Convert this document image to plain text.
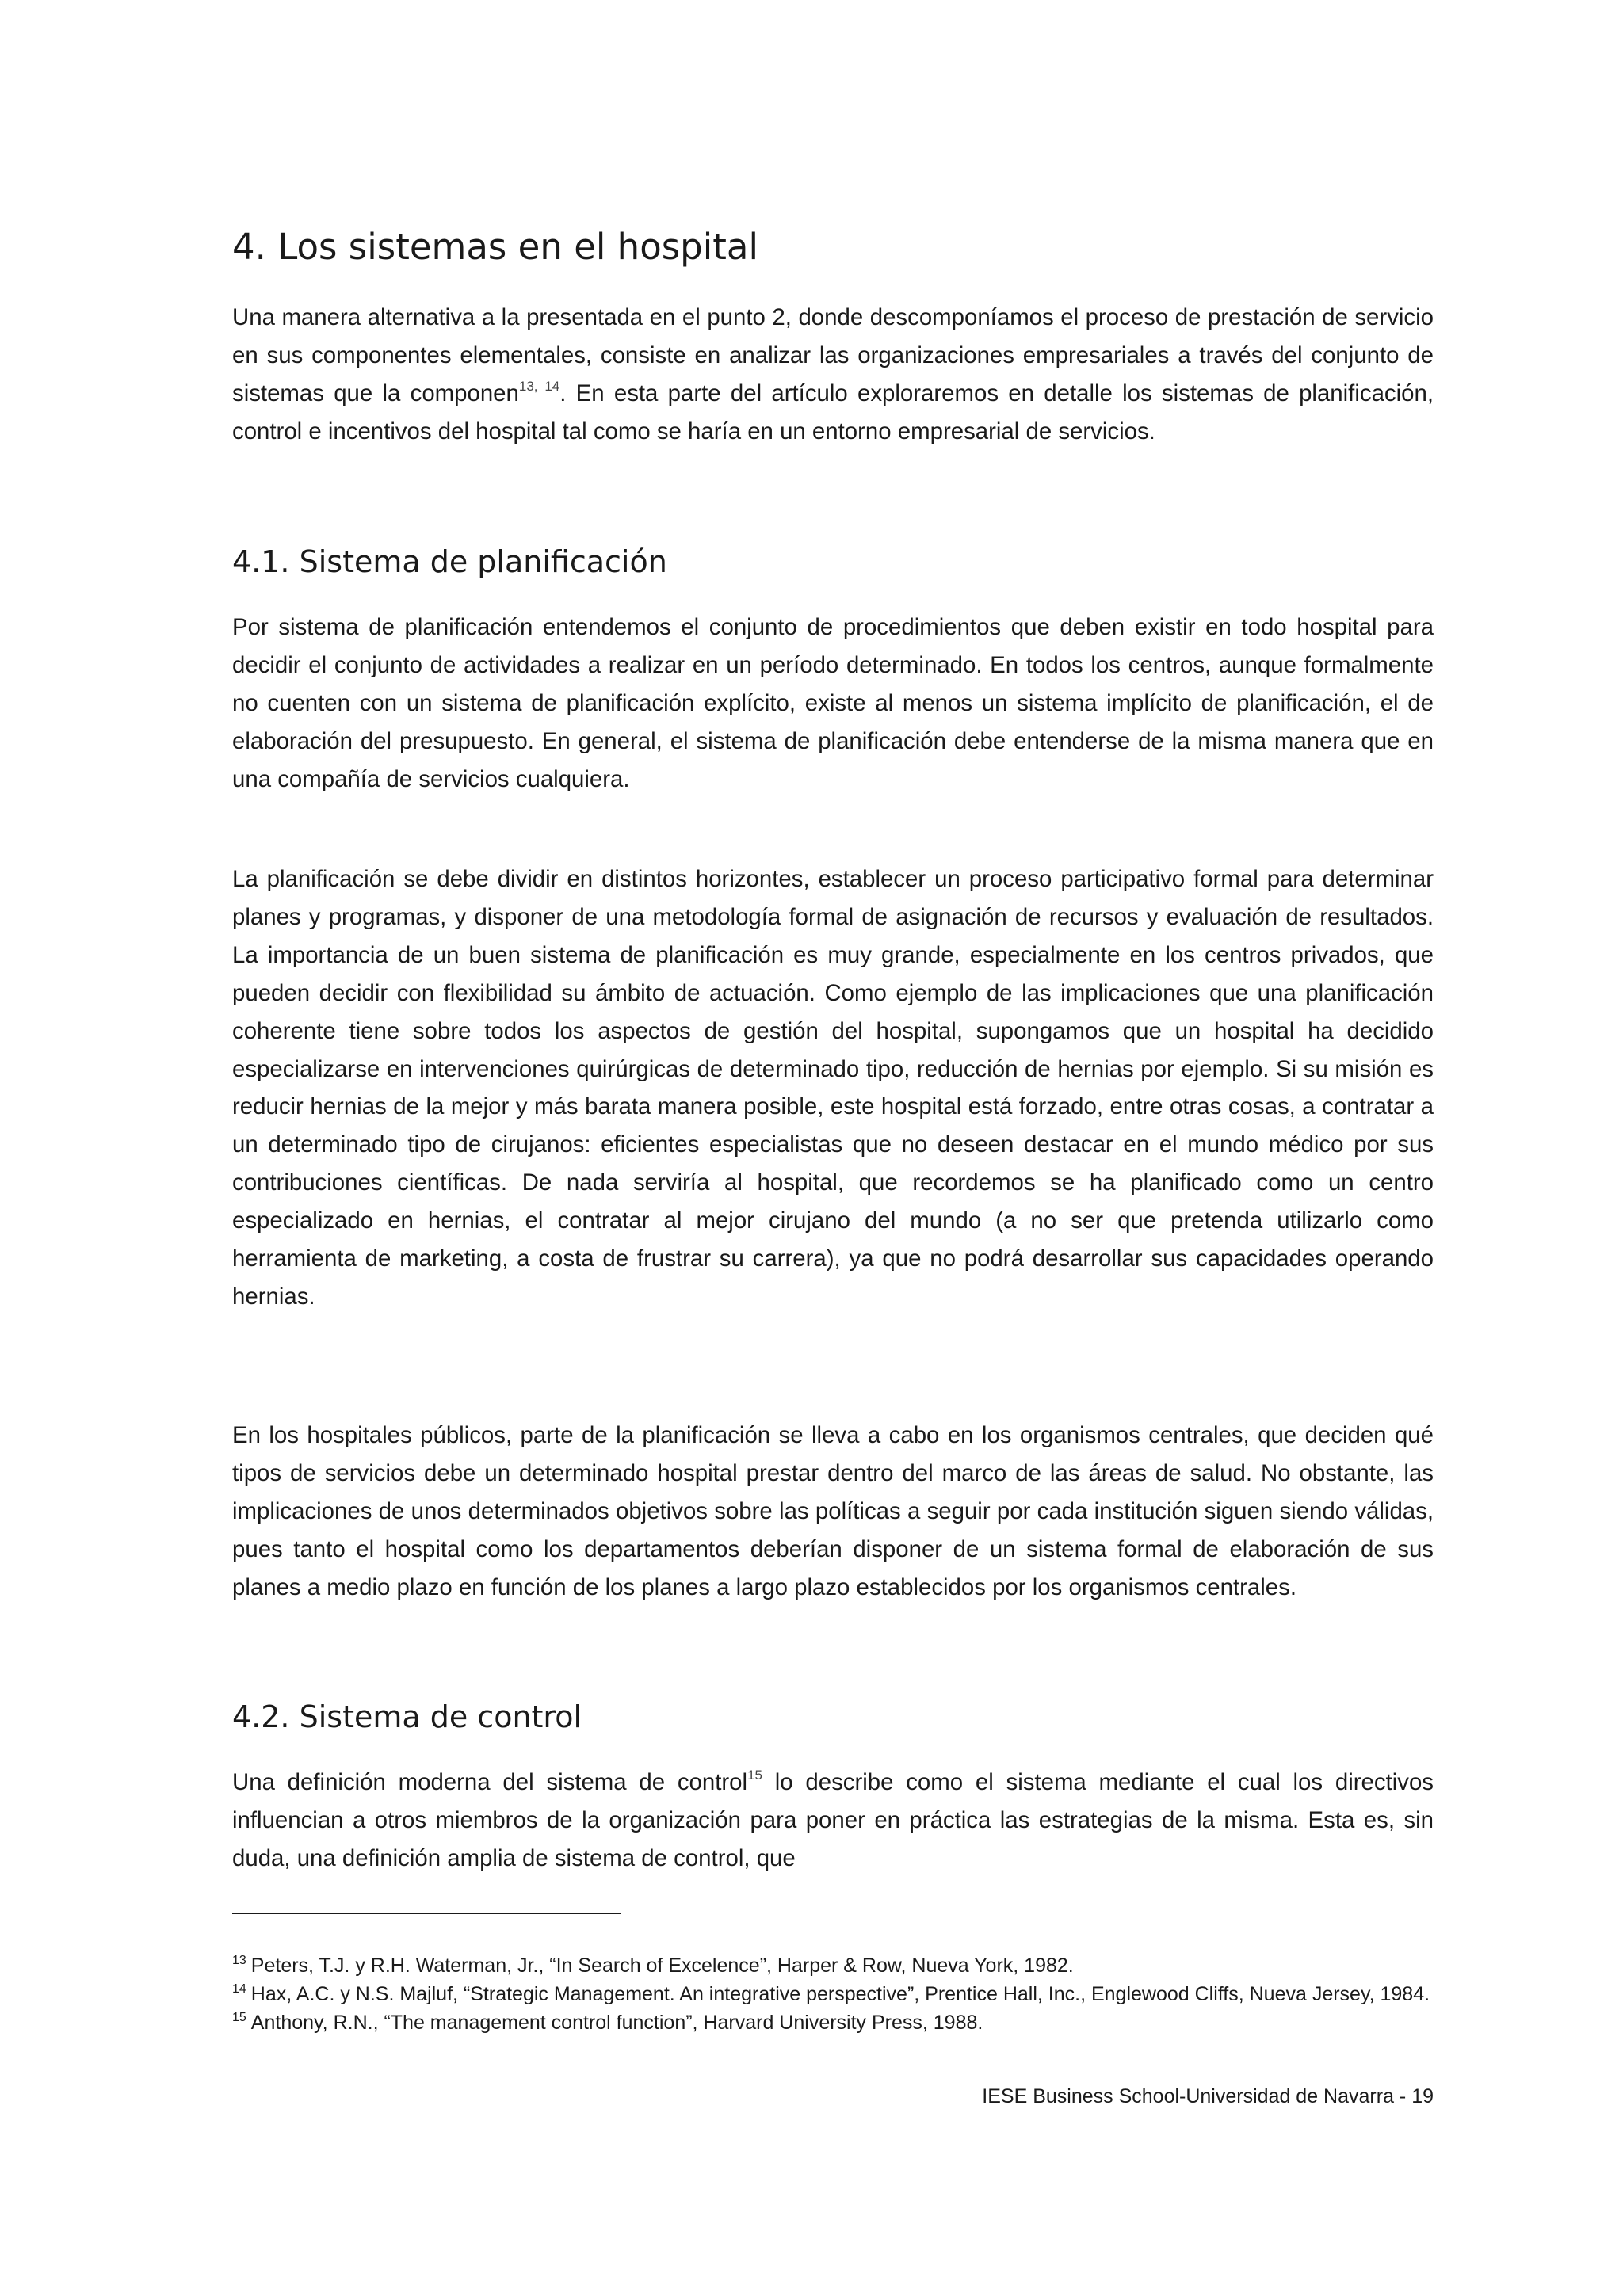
4. Los sistemas en el hospital

Una manera alternativa a la presentada en el punto 2, donde descomponíamos el proceso de prestación de servicio en sus componentes elementales, consiste en analizar las organizaciones empresariales a través del conjunto de sistemas que la componen$^{13, 14}$. En esta parte del artículo exploraremos en detalle los sistemas de planificación, control e incentivos del hospital tal como se haría en un entorno empresarial de servicios.

4.1. Sistema de planificación

Por sistema de planificación entendemos el conjunto de procedimientos que deben existir en todo hospital para decidir el conjunto de actividades a realizar en un período determinado. En todos los centros, aunque formalmente no cuenten con un sistema de planificación explícito, existe al menos un sistema implícito de planificación, el de elaboración del presupuesto. En general, el sistema de planificación debe entenderse de la misma manera que en una compañía de servicios cualquiera.

La planificación se debe dividir en distintos horizontes, establecer un proceso participativo formal para determinar planes y programas, y disponer de una metodología formal de asignación de recursos y evaluación de resultados. La importancia de un buen sistema de planificación es muy grande, especialmente en los centros privados, que pueden decidir con flexibilidad su ámbito de actuación. Como ejemplo de las implicaciones que una planificación coherente tiene sobre todos los aspectos de gestión del hospital, supongamos que un hospital ha decidido especializarse en intervenciones quirúrgicas de determinado tipo, reducción de hernias por ejemplo. Si su misión es reducir hernias de la mejor y más barata manera posible, este hospital está forzado, entre otras cosas, a contratar a un determinado tipo de cirujanos: eficientes especialistas que no deseen destacar en el mundo médico por sus contribuciones científicas. De nada serviría al hospital, que recordemos se ha planificado como un centro especializado en hernias, el contratar al mejor cirujano del mundo (a no ser que pretenda utilizarlo como herramienta de marketing, a costa de frustrar su carrera), ya que no podrá desarrollar sus capacidades operando hernias.

En los hospitales públicos, parte de la planificación se lleva a cabo en los organismos centrales, que deciden qué tipos de servicios debe un determinado hospital prestar dentro del marco de las áreas de salud. No obstante, las implicaciones de unos determinados objetivos sobre las políticas a seguir por cada institución siguen siendo válidas, pues tanto el hospital como los departamentos deberían disponer de un sistema formal de elaboración de sus planes a medio plazo en función de los planes a largo plazo establecidos por los organismos centrales.

4.2. Sistema de control

Una definición moderna del sistema de control$^{15}$ lo describe como el sistema mediante el cual los directivos influencian a otros miembros de la organización para poner en práctica las estrategias de la misma. Esta es, sin duda, una definición amplia de sistema de control, que

$^{13}$ Peters, T.J. y R.H. Waterman, Jr., “In Search of Excelence”, Harper & Row, Nueva York, 1982.

$^{14}$ Hax, A.C. y N.S. Majluf, “Strategic Management. An integrative perspective”, Prentice Hall, Inc., Englewood Cliffs, Nueva Jersey, 1984.

$^{15}$ Anthony, R.N., “The management control function”, Harvard University Press, 1988.

IESE Business School-Universidad de Navarra - 19
